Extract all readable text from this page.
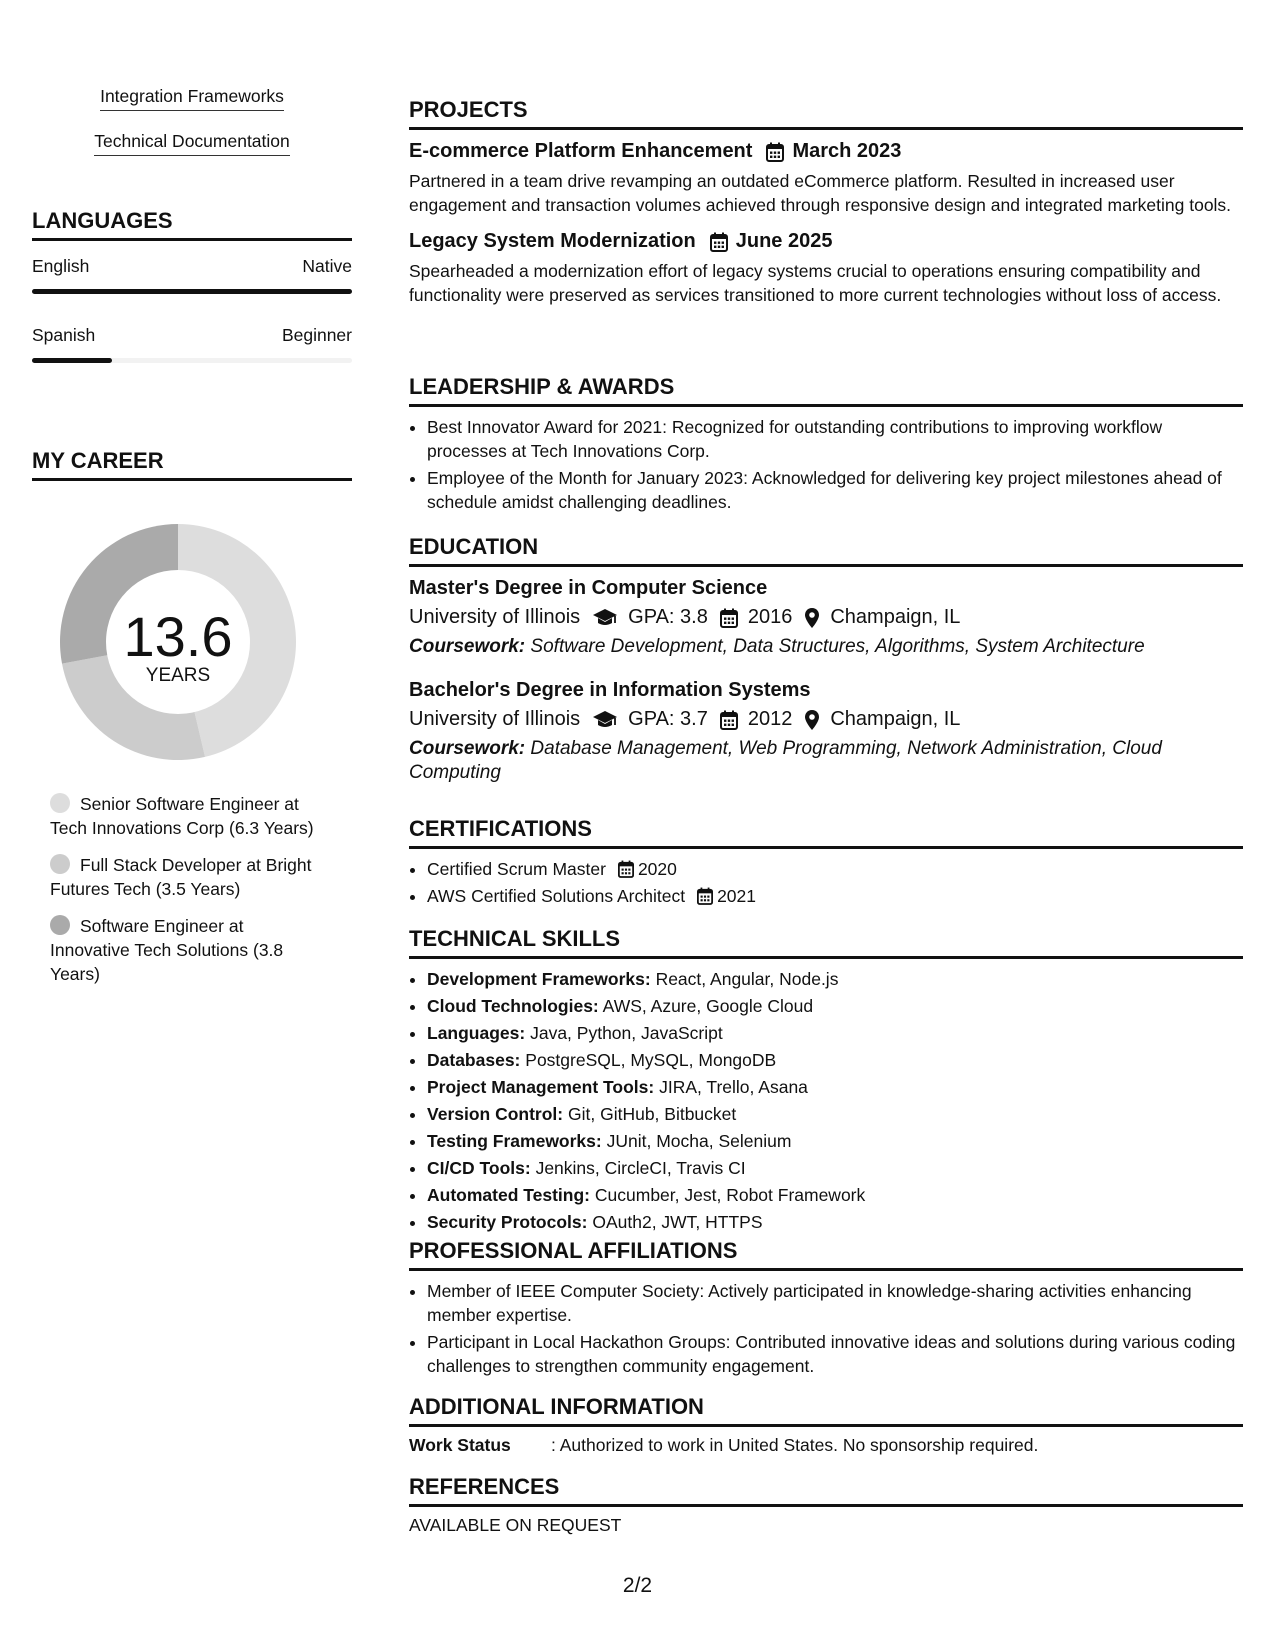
Integration Frameworks
Technical Documentation
LANGUAGES
English	Native
Spanish	Beginner
MY CAREER
13.6
YEARS
Senior Software Engineer at Tech Innovations Corp (6.3 Years)
Full Stack Developer at Bright Futures Tech (3.5 Years)
Software Engineer at Innovative Tech Solutions (3.8 Years)
PROJECTS
E-commerce Platform Enhancement March 2023
Partnered in a team drive revamping an outdated eCommerce platform. Resulted in increased user engagement and transaction volumes achieved through responsive design and integrated marketing tools.
Legacy System Modernization June 2025
Spearheaded a modernization effort of legacy systems crucial to operations ensuring compatibility and functionality were preserved as services transitioned to more current technologies without loss of access.
LEADERSHIP & AWARDS
• Best Innovator Award for 2021: Recognized for outstanding contributions to improving workflow processes at Tech Innovations Corp.
• Employee of the Month for January 2023: Acknowledged for delivering key project milestones ahead of schedule amidst challenging deadlines.
EDUCATION
Master's Degree in Computer Science
University of Illinois GPA: 3.8 2016 Champaign, IL
Coursework: Software Development, Data Structures, Algorithms, System Architecture
Bachelor's Degree in Information Systems
University of Illinois GPA: 3.7 2012 Champaign, IL
Coursework: Database Management, Web Programming, Network Administration, Cloud Computing
CERTIFICATIONS
• Certified Scrum Master 2020
• AWS Certified Solutions Architect 2021
TECHNICAL SKILLS
• Development Frameworks: React, Angular, Node.js
• Cloud Technologies: AWS, Azure, Google Cloud
• Languages: Java, Python, JavaScript
• Databases: PostgreSQL, MySQL, MongoDB
• Project Management Tools: JIRA, Trello, Asana
• Version Control: Git, GitHub, Bitbucket
• Testing Frameworks: JUnit, Mocha, Selenium
• CI/CD Tools: Jenkins, CircleCI, Travis CI
• Automated Testing: Cucumber, Jest, Robot Framework
• Security Protocols: OAuth2, JWT, HTTPS
PROFESSIONAL AFFILIATIONS
• Member of IEEE Computer Society: Actively participated in knowledge-sharing activities enhancing member expertise.
• Participant in Local Hackathon Groups: Contributed innovative ideas and solutions during various coding challenges to strengthen community engagement.
ADDITIONAL INFORMATION
Work Status	: Authorized to work in United States. No sponsorship required.
REFERENCES
AVAILABLE ON REQUEST
2/2
